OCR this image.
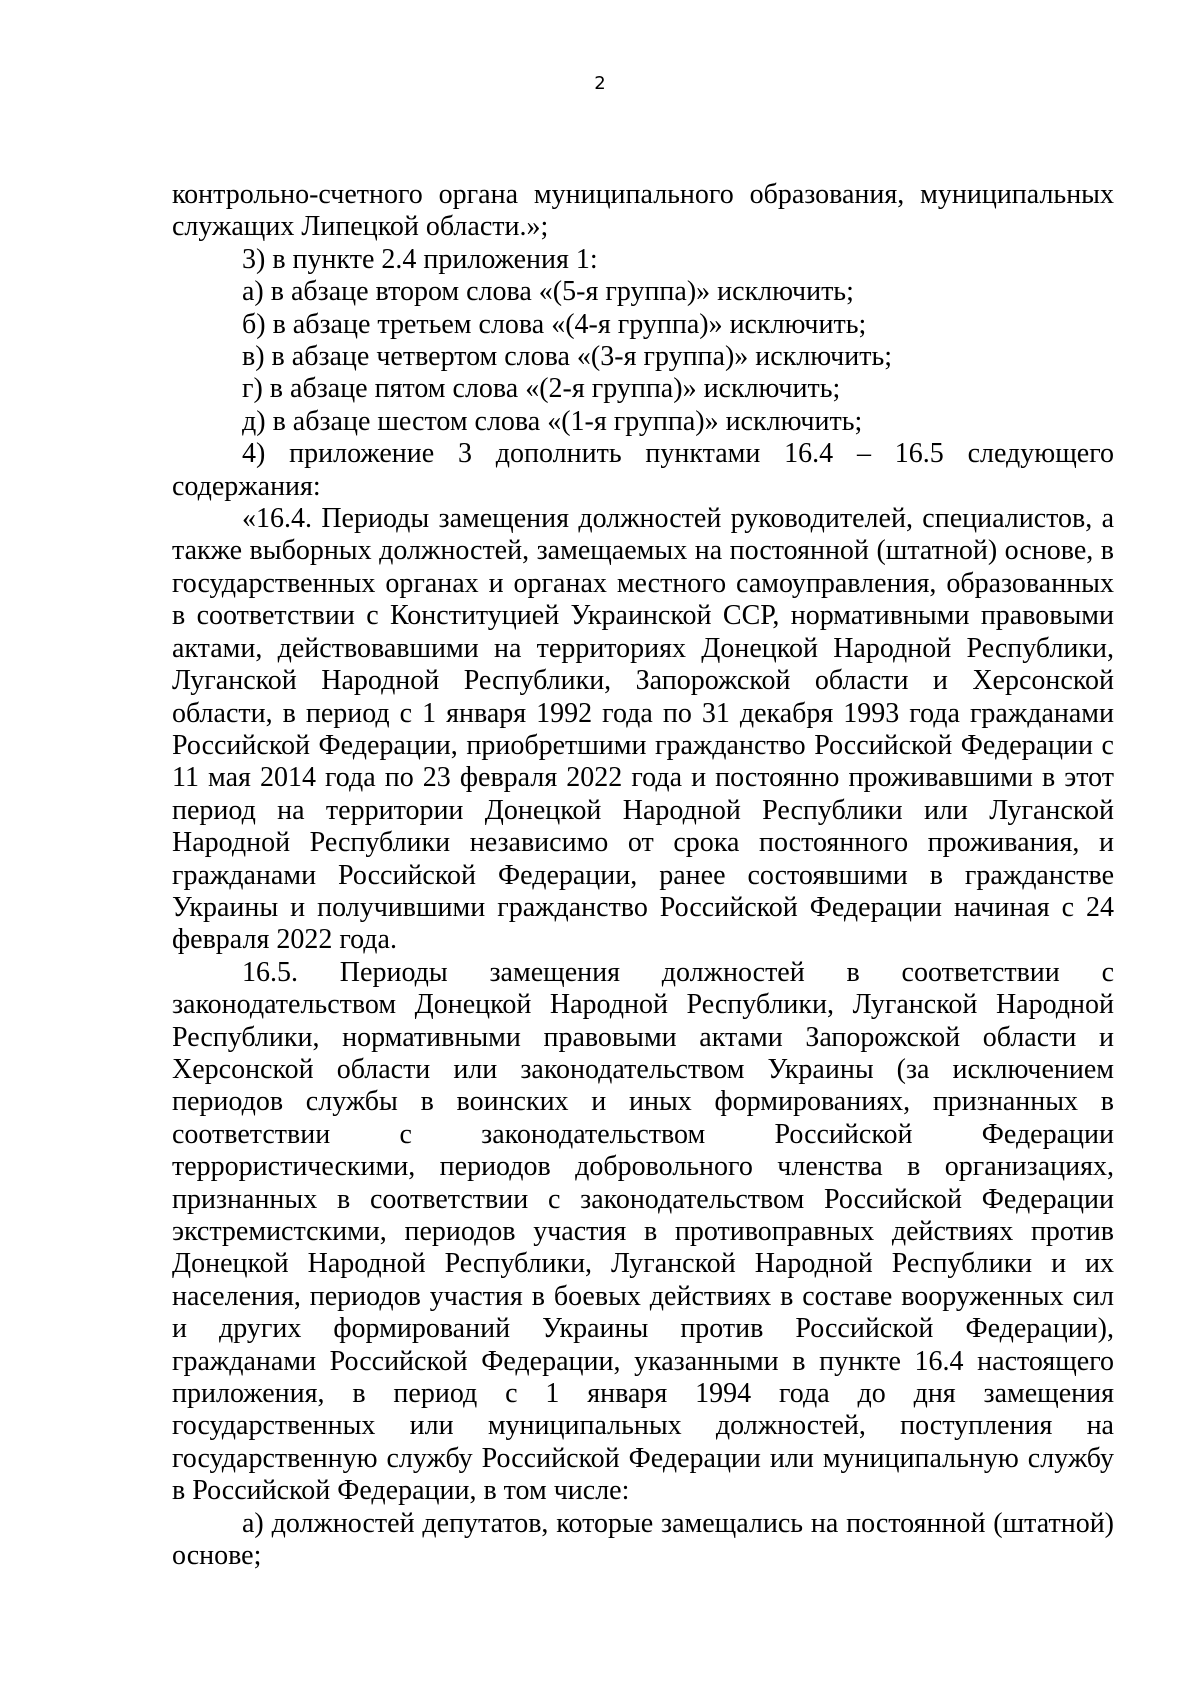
2

контрольно-счетного органа муниципального образования, муниципальных служащих Липецкой области.»;

3) в пункте 2.4 приложения 1:

а) в абзаце втором слова «(5-я группа)» исключить;

б) в абзаце третьем слова «(4-я группа)» исключить;

в) в абзаце четвертом слова «(3-я группа)» исключить;

г) в абзаце пятом слова «(2-я группа)» исключить;

д) в абзаце шестом слова «(1-я группа)» исключить;

4) приложение 3 дополнить пунктами 16.4 – 16.5 следующего содержания:

«16.4. Периоды замещения должностей руководителей, специалистов, а также выборных должностей, замещаемых на постоянной (штатной) основе, в государственных органах и органах местного самоуправления, образованных в соответствии с Конституцией Украинской ССР, нормативными правовыми актами, действовавшими на территориях Донецкой Народной Республики, Луганской Народной Республики, Запорожской области и Херсонской области, в период с 1 января 1992 года по 31 декабря 1993 года гражданами Российской Федерации, приобретшими гражданство Российской Федерации с 11 мая 2014 года по 23 февраля 2022 года и постоянно проживавшими в этот период на территории Донецкой Народной Республики или Луганской Народной Республики независимо от срока постоянного проживания, и гражданами Российской Федерации, ранее состоявшими в гражданстве Украины и получившими гражданство Российской Федерации начиная с 24 февраля 2022 года.

16.5. Периоды замещения должностей в соответствии с законодательством Донецкой Народной Республики, Луганской Народной Республики, нормативными правовыми актами Запорожской области и Херсонской области или законодательством Украины (за исключением периодов службы в воинских и иных формированиях, признанных в соответствии с законодательством Российской Федерации террористическими, периодов добровольного членства в организациях, признанных в соответствии с законодательством Российской Федерации экстремистскими, периодов участия в противоправных действиях против Донецкой Народной Республики, Луганской Народной Республики и их населения, периодов участия в боевых действиях в составе вооруженных сил и других формирований Украины против Российской Федерации), гражданами Российской Федерации, указанными в пункте 16.4 настоящего приложения, в период с 1 января 1994 года до дня замещения государственных или муниципальных должностей, поступления на государственную службу Российской Федерации или муниципальную службу в Российской Федерации, в том числе:

а) должностей депутатов, которые замещались на постоянной (штатной) основе;
